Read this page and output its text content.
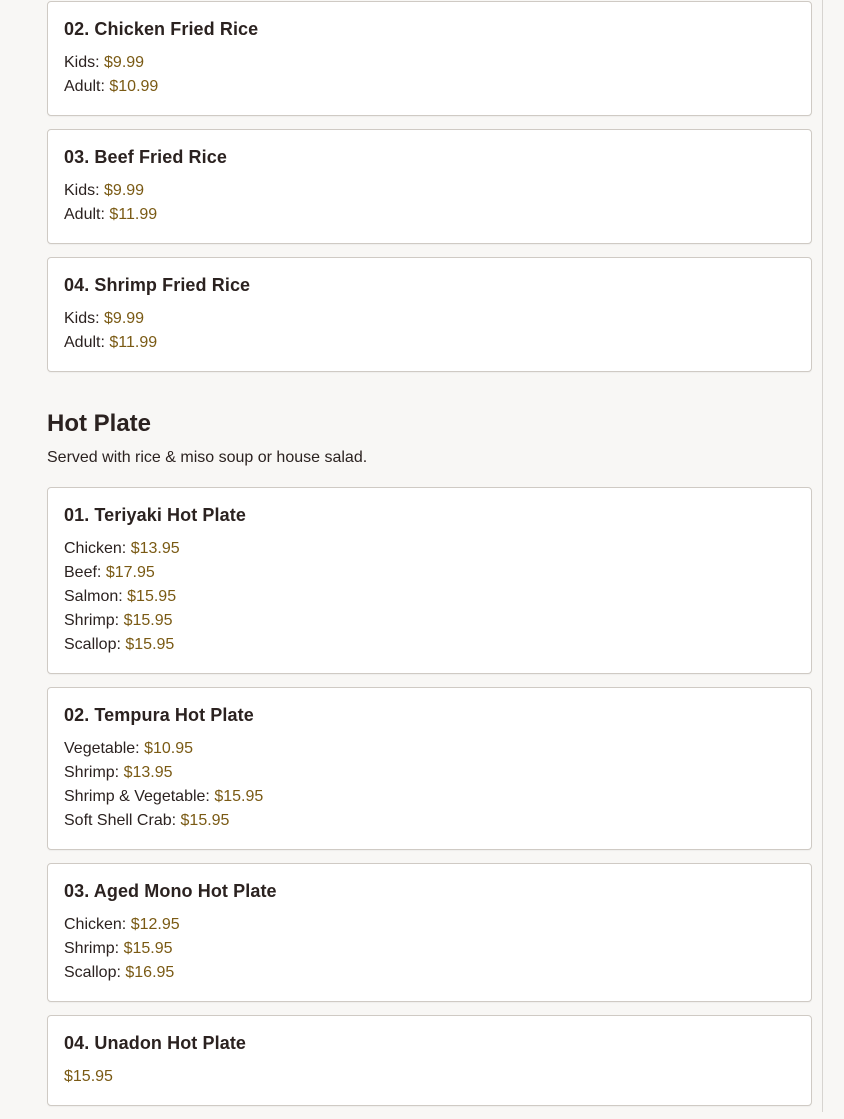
02. Chicken Fried Rice
Kids: $9.99
Adult: $10.99
03. Beef Fried Rice
Kids: $9.99
Adult: $11.99
04. Shrimp Fried Rice
Kids: $9.99
Adult: $11.99
Hot Plate
Served with rice & miso soup or house salad.
01. Teriyaki Hot Plate
Chicken: $13.95
Beef: $17.95
Salmon: $15.95
Shrimp: $15.95
Scallop: $15.95
02. Tempura Hot Plate
Vegetable: $10.95
Shrimp: $13.95
Shrimp & Vegetable: $15.95
Soft Shell Crab: $15.95
03. Aged Mono Hot Plate
Chicken: $12.95
Shrimp: $15.95
Scallop: $16.95
04. Unadon Hot Plate
$15.95
